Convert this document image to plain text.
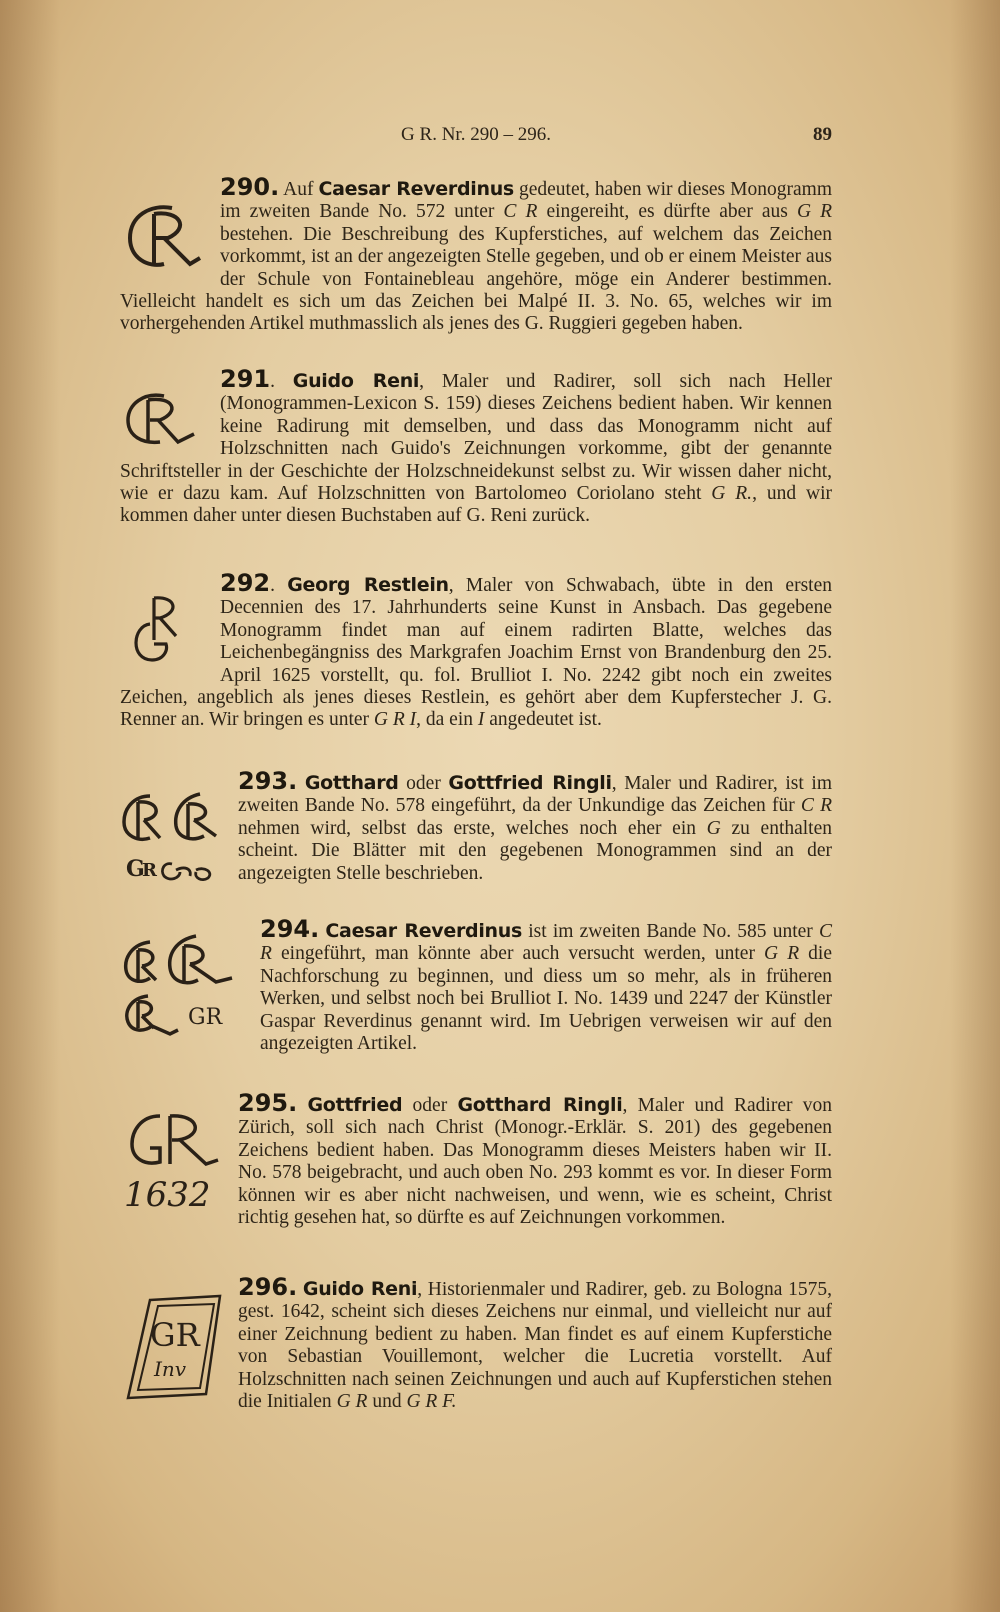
G R. Nr. 290 – 296.	89
290. Auf Caesar Reverdinus gedeutet, haben wir dieses Monogramm im zweiten Bande No. 572 unter C R eingereiht, es dürfte aber aus G R bestehen. Die Beschreibung des Kupferstiches, auf welchem das Zeichen vorkommt, ist an der angezeigten Stelle gegeben, und ob er einem Meister aus der Schule von Fontainebleau angehöre, möge ein Anderer bestimmen. Vielleicht handelt es sich um das Zeichen bei Malpé II. 3. No. 65, welches wir im vorhergehenden Artikel muthmasslich als jenes des G. Ruggieri gegeben haben.
291. Guido Reni, Maler und Radirer, soll sich nach Heller (Monogrammen-Lexicon S. 159) dieses Zeichens bedient haben. Wir kennen keine Radirung mit demselben, und dass das Monogramm nicht auf Holzschnitten nach Guido's Zeichnungen vorkomme, gibt der genannte Schriftsteller in der Geschichte der Holzschneidekunst selbst zu. Wir wissen daher nicht, wie er dazu kam. Auf Holzschnitten von Bartolomeo Coriolano steht G R., und wir kommen daher unter diesen Buchstaben auf G. Reni zurück.
292. Georg Restlein, Maler von Schwabach, übte in den ersten Decennien des 17. Jahrhunderts seine Kunst in Ansbach. Das gegebene Monogramm findet man auf einem radirten Blatte, welches das Leichenbegängniss des Markgrafen Joachim Ernst von Brandenburg den 25. April 1625 vorstellt, qu. fol. Brulliot I. No. 2242 gibt noch ein zweites Zeichen, angeblich als jenes dieses Restlein, es gehört aber dem Kupferstecher J. G. Renner an. Wir bringen es unter G R I, da ein I angedeutet ist.
G
R
293. Gotthard oder Gottfried Ringli, Maler und Radirer, ist im zweiten Bande No. 578 eingeführt, da der Unkundige das Zeichen für C R nehmen wird, selbst das erste, welches noch eher ein G zu enthalten scheint. Die Blätter mit den gegebenen Monogrammen sind an der angezeigten Stelle beschrieben.
GR
294. Caesar Reverdinus ist im zweiten Bande No. 585 unter C R eingeführt, man könnte aber auch versucht werden, unter G R die Nachforschung zu beginnen, und diess um so mehr, als in früheren Werken, und selbst noch bei Brulliot I. No. 1439 und 2247 der Künstler Gaspar Reverdinus genannt wird. Im Uebrigen verweisen wir auf den angezeigten Artikel.
1632
295. Gottfried oder Gotthard Ringli, Maler und Radirer von Zürich, soll sich nach Christ (Monogr.-Erklär. S. 201) des gegebenen Zeichens bedient haben. Das Monogramm dieses Meisters haben wir II. No. 578 beigebracht, und auch oben No. 293 kommt es vor. In dieser Form können wir es aber nicht nachweisen, und wenn, wie es scheint, Christ richtig gesehen hat, so dürfte es auf Zeichnungen vorkommen.
GR
Inv
296. Guido Reni, Historienmaler und Radirer, geb. zu Bologna 1575, gest. 1642, scheint sich dieses Zeichens nur einmal, und vielleicht nur auf einer Zeichnung bedient zu haben. Man findet es auf einem Kupferstiche von Sebastian Vouillemont, welcher die Lucretia vorstellt. Auf Holzschnitten nach seinen Zeichnungen und auch auf Kupferstichen stehen die Initialen G R und G R F.
